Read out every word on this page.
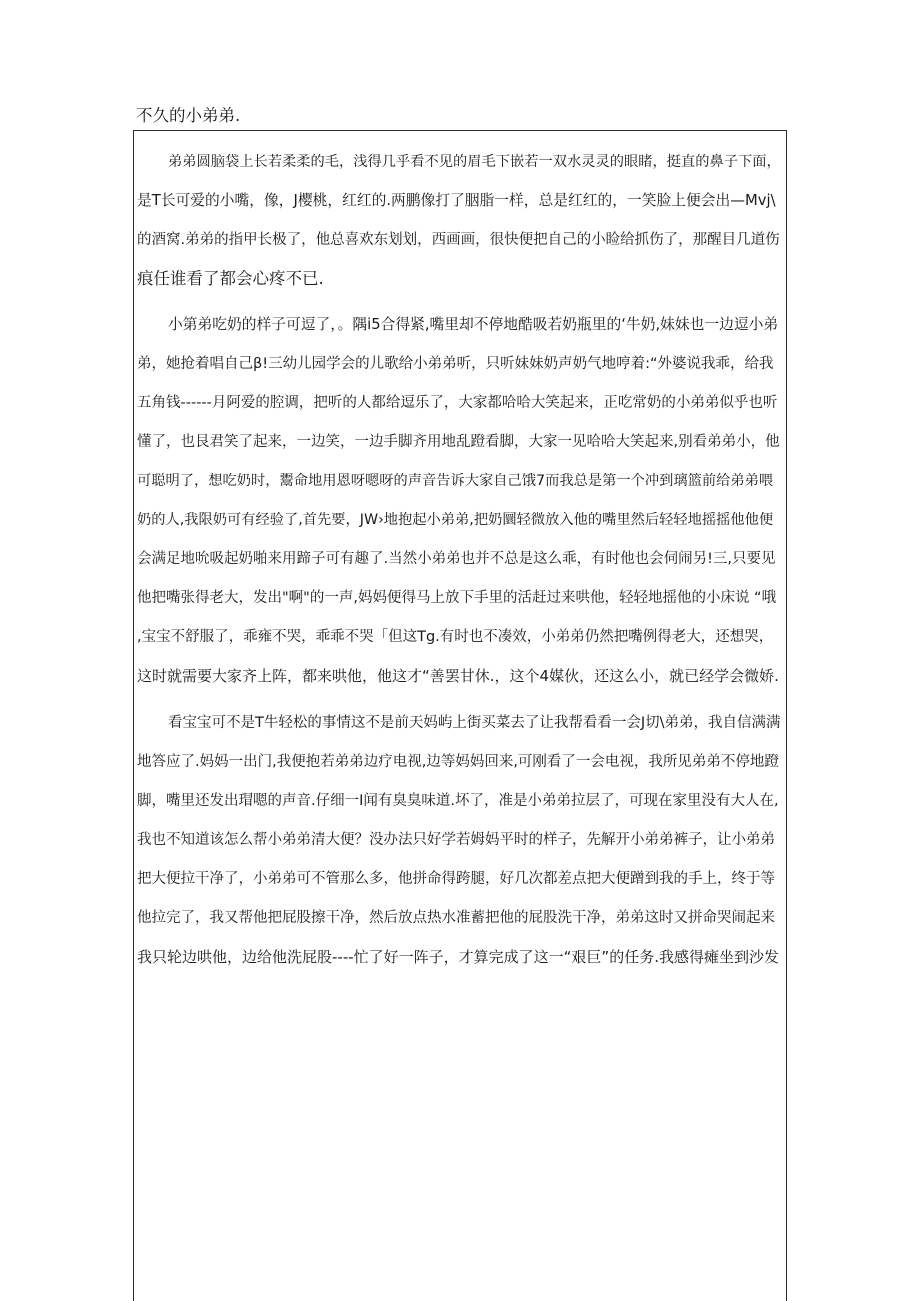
不久的小弟弟.
弟弟圆脑袋上长若柔柔的毛，浅得几乎看不见的眉毛下嵌若一双水灵灵的眼睹，挺直的鼻子下面，
是T长可爱的小嘴，像，J樱桃，红红的.两鹏像打了胭脂一样，总是红红的，一笑脸上便会出—Mvj\
的酒窝.弟弟的指甲长极了，他总喜欢东划划，西画画，很快便把自己的小睑给抓伤了，那醒目几道伤
痕任谁看了都会心疼不已.
小第弟吃奶的样子可逗了，。隅i5合得紧,嘴里却不停地酷吸若奶瓶里的‘牛奶,妹妹也一边逗小弟
弟，她抢着唱自己β!三幼儿园学会的儿歌给小弟弟听，只听妹妹奶声奶气地哼着:“外婆说我乖，给我
五角钱------月阿爱的腔调，把听的人都给逗乐了，大家都哈哈大笑起来，正吃常奶的小弟弟似乎也听
懂了，也艮君笑了起来，一边笑，一边手脚齐用地乱蹬看脚，大家一见哈哈大笑起来,别看弟弟小，他
可聪明了，想吃奶时，鬻命地用恩呀嗯呀的声音告诉大家自己饿7而我总是第一个冲到璃篮前给弟弟喂
奶的人,我限奶可有经验了,首先要，JW›地抱起小弟弟,把奶圜轻微放入他的嘴里然后轻轻地摇摇他他便
会满足地吮吸起奶啪来用蹄子可有趣了.当然小弟弟也并不总是这么乖，有时他也会伺闹另!三,只要见
他把嘴张得老大，发出"啊"的一声,妈妈便得马上放下手里的活赶过来哄他，轻轻地摇他的小床说 “哦
,宝宝不舒服了，乖雍不哭，乖乖不哭「但这Tg.有时也不凑效，小弟弟仍然把嘴例得老大，还想哭，
这时就需要大家齐上阵，都来哄他，他这才“善罢甘休.，这个4媒伙，还这么小，就已经学会微娇.
看宝宝可不是T牛轻松的事情这不是前天妈屿上街买菜去了让我帮看看一会J切\弟弟，我自信满满
地答应了.妈妈一出门,我便抱若弟弟边疗电视,边等妈妈回来,可刚看了一会电视，我所见弟弟不停地蹬
脚，嘴里还发出瑁嗯的声音.仔细一I闻有臭臭味道.坏了，准是小弟弟拉层了，可现在家里没有大人在,
我也不知道该怎么帮小弟弟清大便？没办法只好学若姆妈平时的样子，先解开小弟弟裤子，让小弟弟
把大便拉干净了，小弟弟可不管那么多，他拼命得跨腿，好几次都差点把大便蹭到我的手上，终于等
他拉完了，我又帮他把屁股擦干净，然后放点热水准蓄把他的屁股洗干净，弟弟这时又拼命哭闹起来
我只轮边哄他，边给他洗屁股----忙了好一阵子，才算完成了这一“艰巨”的任务.我感得瘫坐到沙发
